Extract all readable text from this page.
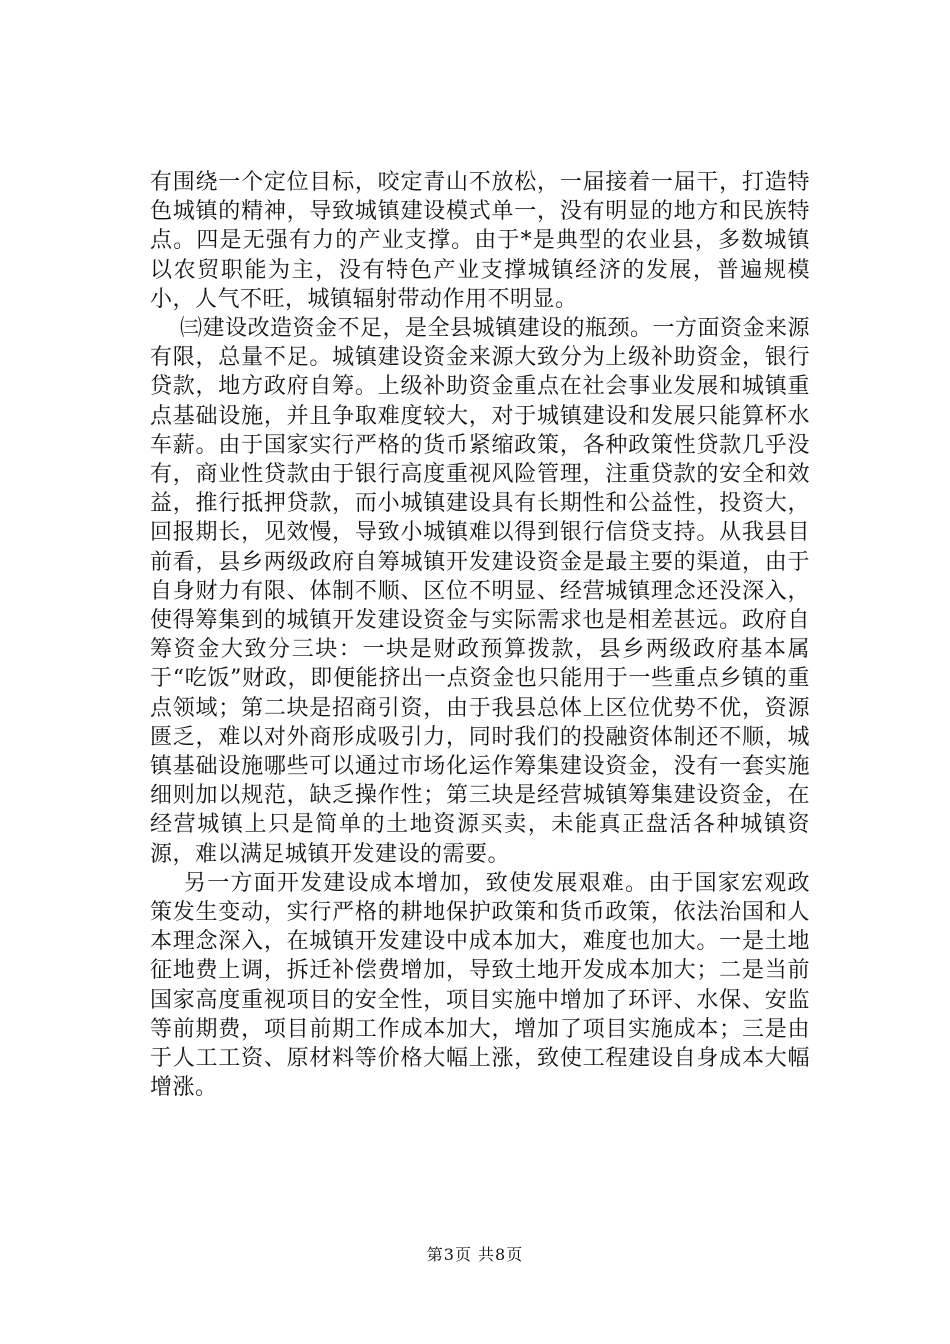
有围绕一个定位目标，咬定青山不放松，一届接着一届干，打造特色城镇的精神，导致城镇建设模式单一，没有明显的地方和民族特点。四是无强有力的产业支撑。由于*是典型的农业县，多数城镇以农贸职能为主，没有特色产业支撑城镇经济的发展，普遍规模小，人气不旺，城镇辐射带动作用不明显。

㈢建设改造资金不足，是全县城镇建设的瓶颈。一方面资金来源有限，总量不足。城镇建设资金来源大致分为上级补助资金，银行贷款，地方政府自筹。上级补助资金重点在社会事业发展和城镇重点基础设施，并且争取难度较大，对于城镇建设和发展只能算杯水车薪。由于国家实行严格的货币紧缩政策，各种政策性贷款几乎没有，商业性贷款由于银行高度重视风险管理，注重贷款的安全和效益，推行抵押贷款，而小城镇建设具有长期性和公益性，投资大，回报期长，见效慢，导致小城镇难以得到银行信贷支持。从我县目前看，县乡两级政府自筹城镇开发建设资金是最主要的渠道，由于自身财力有限、体制不顺、区位不明显、经营城镇理念还没深入，使得筹集到的城镇开发建设资金与实际需求也是相差甚远。政府自筹资金大致分三块：一块是财政预算拨款，县乡两级政府基本属于“吃饭”财政，即便能挤出一点资金也只能用于一些重点乡镇的重点领域；第二块是招商引资，由于我县总体上区位优势不优，资源匮乏，难以对外商形成吸引力，同时我们的投融资体制还不顺，城镇基础设施哪些可以通过市场化运作筹集建设资金，没有一套实施细则加以规范，缺乏操作性；第三块是经营城镇筹集建设资金，在经营城镇上只是简单的土地资源买卖，未能真正盘活各种城镇资源，难以满足城镇开发建设的需要。

另一方面开发建设成本增加，致使发展艰难。由于国家宏观政策发生变动，实行严格的耕地保护政策和货币政策，依法治国和人本理念深入，在城镇开发建设中成本加大，难度也加大。一是土地征地费上调，拆迁补偿费增加，导致土地开发成本加大；二是当前国家高度重视项目的安全性，项目实施中增加了环评、水保、安监等前期费，项目前期工作成本加大，增加了项目实施成本；三是由于人工工资、原材料等价格大幅上涨，致使工程建设自身成本大幅增涨。

第3页 共8页
